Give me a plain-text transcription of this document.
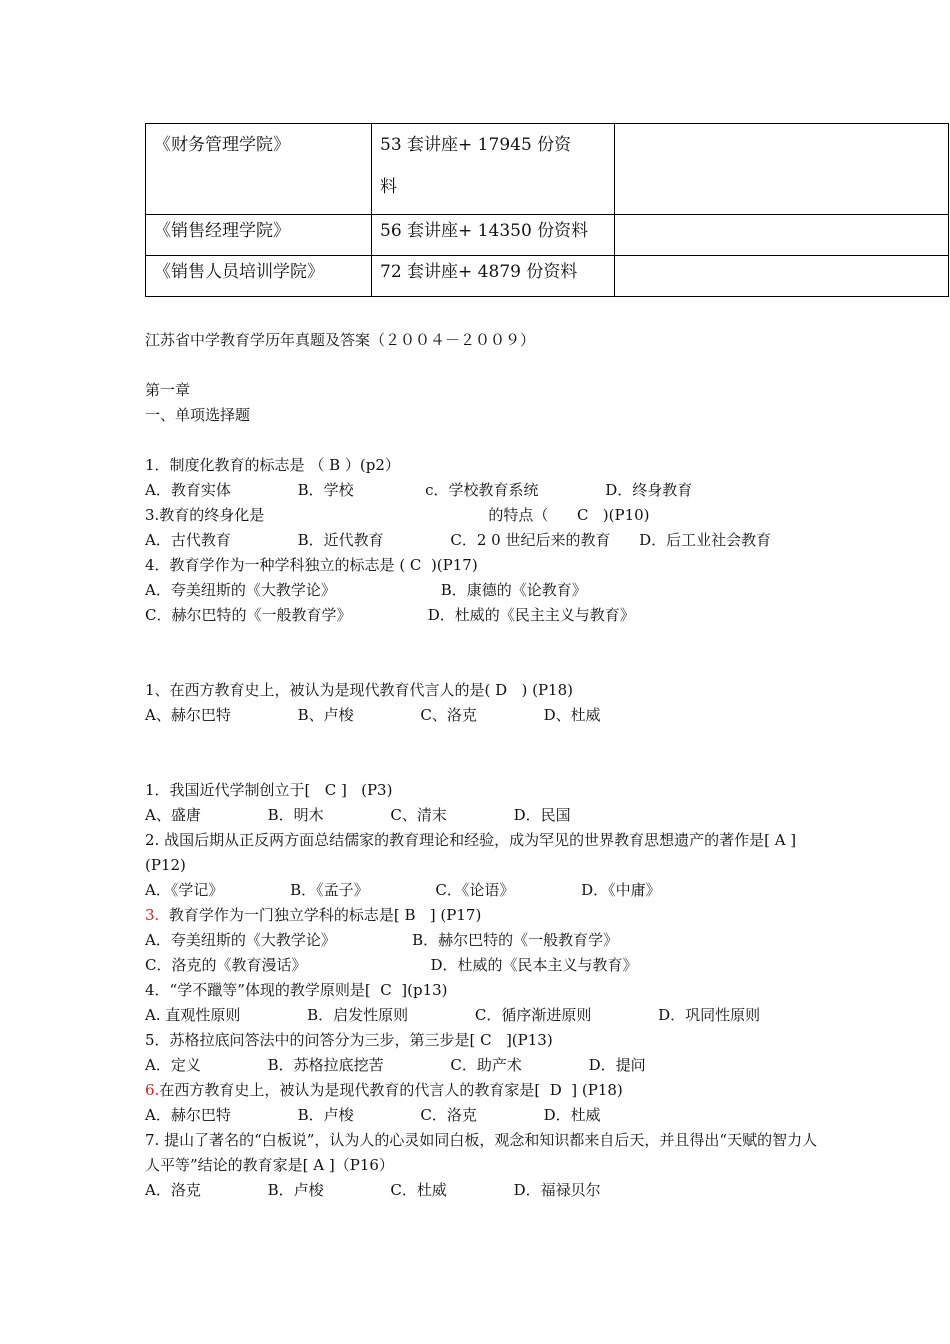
《财务管理学院》	53 套讲座+ 17945 份资
料	

《销售经理学院》	56 套讲座+ 14350 份资料	
《销售人员培训学院》	72 套讲座+ 4879 份资料	
江苏省中学教育学历年真题及答案（２００４－２００９）
第一章
一、单项选择题
1．制度化教育的标志是 （ B ）(p2）
A．教育实体              B．学校               c．学校教育系统              D．终身教育
3.教育的终身化是                                               的特点（      C   )(P10)
A．古代教育              B．近代教育              C．2 0 世纪后来的教育      D．后工业社会教育
4．教育学作为一种学科独立的标志是 ( C  )(P17)
A．夸美纽斯的《大教学论》                      B．康德的《论教育》
C．赫尔巴特的《一般教育学》                D．杜威的《民主主义与教育》
1、在西方教育史上，被认为是现代教育代言人的是( D   ) (P18)
A、赫尔巴特              B、卢梭              C、洛克              D、杜威
1．我国近代学制创立于[   C ]   (P3)
A、盛唐              B．明木              C、清末              D．民国
2. 战国后期从正反两方面总结儒家的教育理论和经验，成为罕见的世界教育思想遗产的著作是[ A ] (P12)
A．《学记》              B．《孟子》              C．《论语》              D．《中庸》
3.  教育学作为一门独立学科的标志是[ B   ] (P17)
A．夸美纽斯的《大教学论》                B．赫尔巴特的《一般教育学》
C．洛克的《教育漫话》                          D．杜威的《民本主义与教育》
4．“学不躐等”体现的教学原则是[  C  ](p13)
A. 直观性原则              B．启发性原则              C．循序渐进原则              D．巩同性原则
5．苏格拉底问答法中的问答分为三步，第三步是[ C   ](P13)
A．定义              B．苏格拉底挖苦              C．助产术              D．提问
6.在西方教育史上，被认为是现代教育的代言人的教育家是[  D  ] (P18)
A．赫尔巴特              B．卢梭              C．洛克              D．杜威
7. 提山了著名的“白板说”，认为人的心灵如同白板，观念和知识都来自后天，并且得出“天赋的智力人人平等”结论的教育家是[ A ]（P16）
A．洛克              B．卢梭              C．杜威              D．福禄贝尔
